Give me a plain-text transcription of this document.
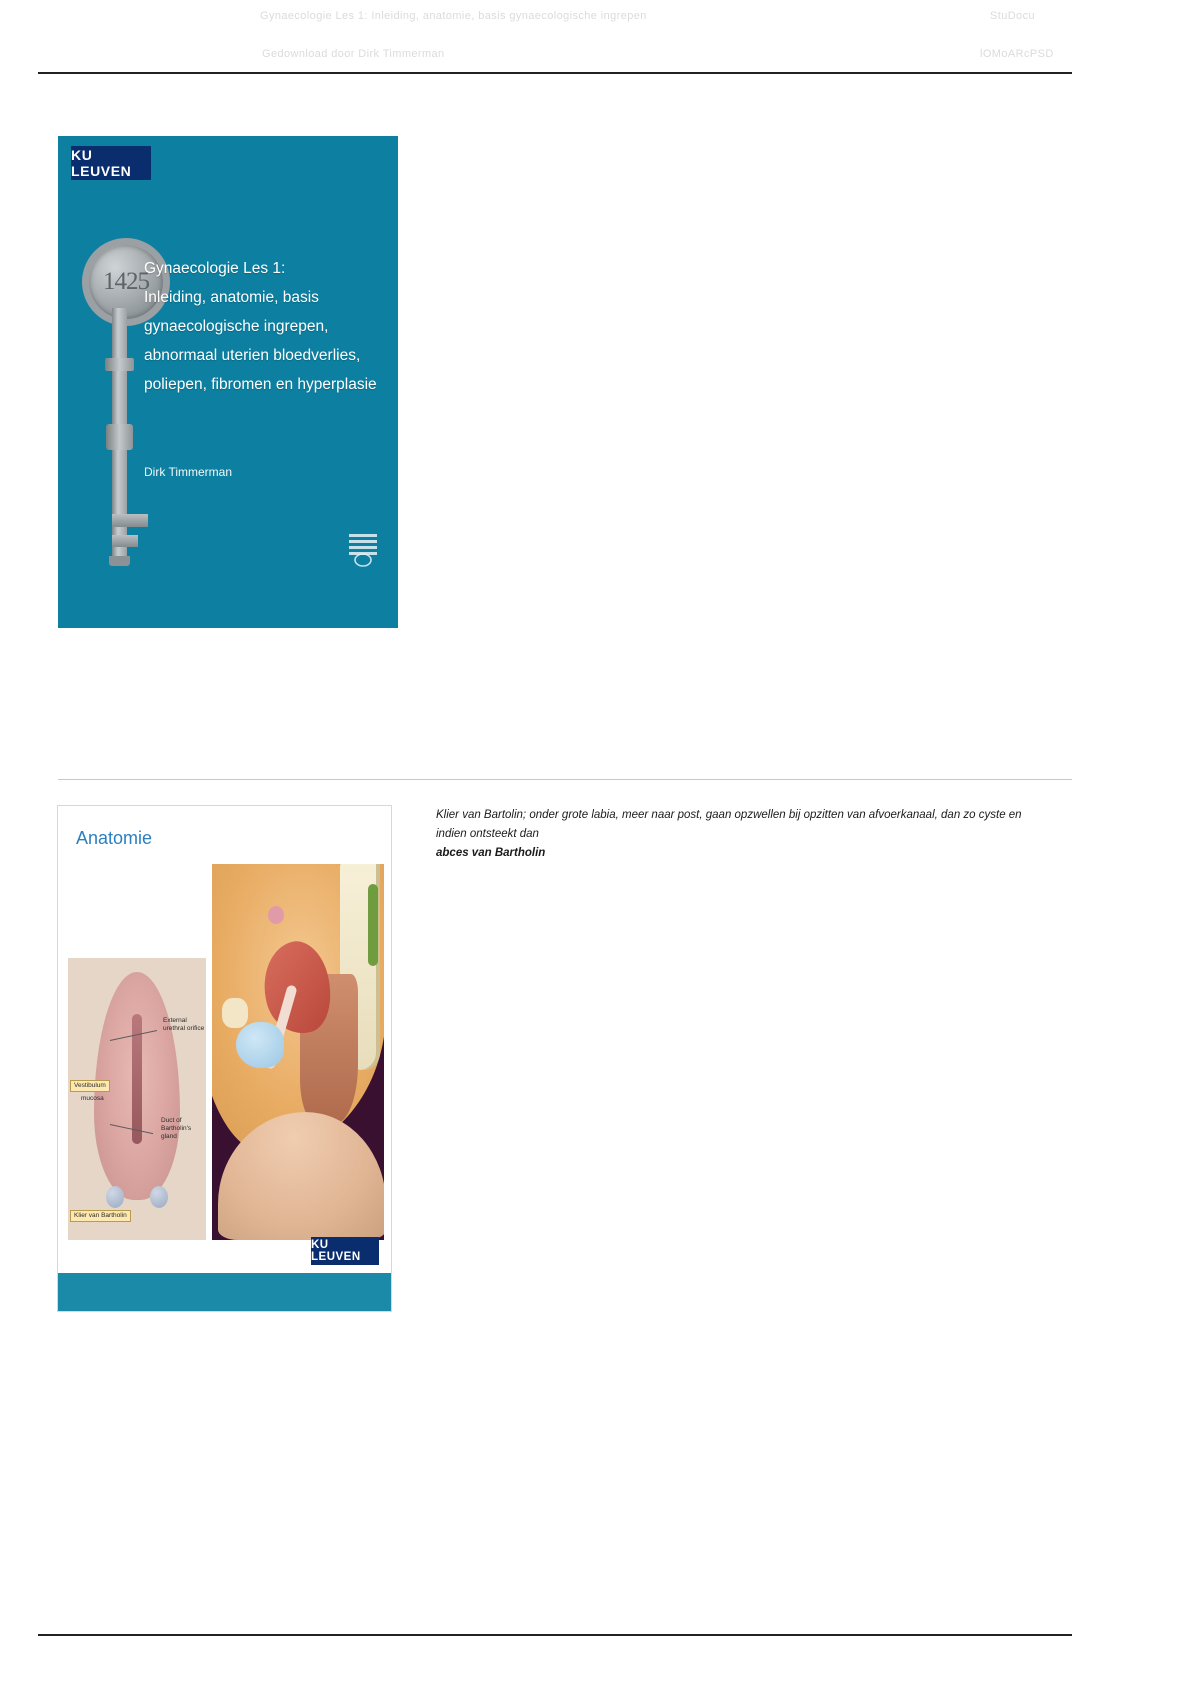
Gynaecologie Les 1: Inleiding, anatomie, basis gynaecologische ingrepen	StuDocu
Gedownload door Dirk Timmerman	lOMoARcPSD
KU LEUVEN
1425
Gynaecologie Les 1:
Inleiding, anatomie, basis
gynaecologische ingrepen,
abnormaal uterien bloedverlies,
poliepen, fibromen en hyperplasie
Dirk Timmerman
Anatomie
External urethral orifice
Duct of Bartholin's gland
Vestibulum
mucosa
Klier van Bartholin
KU LEUVEN

Klier van Bartolin; onder grote labia, meer naar post, gaan opzwellen bij opzitten van afvoerkanaal, dan zo cyste en indien ontsteekt dan

abces van Bartholin
